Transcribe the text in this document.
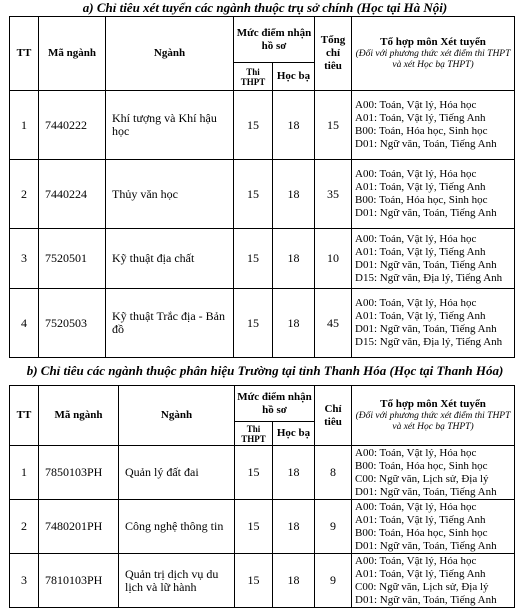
a) Chỉ tiêu xét tuyển các ngành thuộc trụ sở chính (Học tại Hà Nội)
TT	Mã ngành	Ngành	Mức điểm nhận hồ sơ		Tổng chỉ tiêu	Tổ hợp môn Xét tuyển
(Đối với phương thức xét điểm thi THPT và xét Học bạ THPT)

			Thi THPT	Học bạ		
1	7440222	Khí tượng và Khí hậu học	15	18	15	A00: Toán, Vật lý, Hóa học
A01: Toán, Vật lý, Tiếng Anh
B00: Toán, Hóa học, Sinh học
D01: Ngữ văn, Toán, Tiếng Anh

2	7440224	Thủy văn học	15	18	35	A00: Toán, Vật lý, Hóa học
A01: Toán, Vật lý, Tiếng Anh
B00: Toán, Hóa học, Sinh học
D01: Ngữ văn, Toán, Tiếng Anh

3	7520501	Kỹ thuật địa chất	15	18	10	A00: Toán, Vật lý, Hóa học
A01: Toán, Vật lý, Tiếng Anh
D01: Ngữ văn, Toán, Tiếng Anh
D15: Ngữ văn, Địa lý, Tiếng Anh

4	7520503	Kỹ thuật Trắc địa - Bản đồ	15	18	45	A00: Toán, Vật lý, Hóa học
A01: Toán, Vật lý, Tiếng Anh
D01: Ngữ văn, Toán, Tiếng Anh
D15: Ngữ văn, Địa lý, Tiếng Anh
b) Chỉ tiêu các ngành thuộc phân hiệu Trường tại tỉnh Thanh Hóa (Học tại Thanh Hóa)
TT	Mã ngành	Ngành	Mức điểm nhận hồ sơ		Chỉ tiêu	Tổ hợp môn Xét tuyển
(Đối với phương thức xét điểm thi THPT và xét Học bạ THPT)

			Thi THPT	Học bạ		
1	7850103PH	Quản lý đất đai	15	18	8	A00: Toán, Vật lý, Hóa học
B00: Toán, Hóa học, Sinh học
C00: Ngữ văn, Lịch sử, Địa lý
D01: Ngữ văn, Toán, Tiếng Anh

2	7480201PH	Công nghệ thông tin	15	18	9	A00: Toán, Vật lý, Hóa học
A01: Toán, Vật lý, Tiếng Anh
B00: Toán, Hóa học, Sinh học
D01: Ngữ văn, Toán, Tiếng Anh

3	7810103PH	Quản trị dịch vụ du lịch và lữ hành	15	18	9	A00: Toán, Vật lý, Hóa học
A01: Toán, Vật lý, Tiếng Anh
C00: Ngữ văn, Lịch sử, Địa lý
D01: Ngữ văn, Toán, Tiếng Anh
